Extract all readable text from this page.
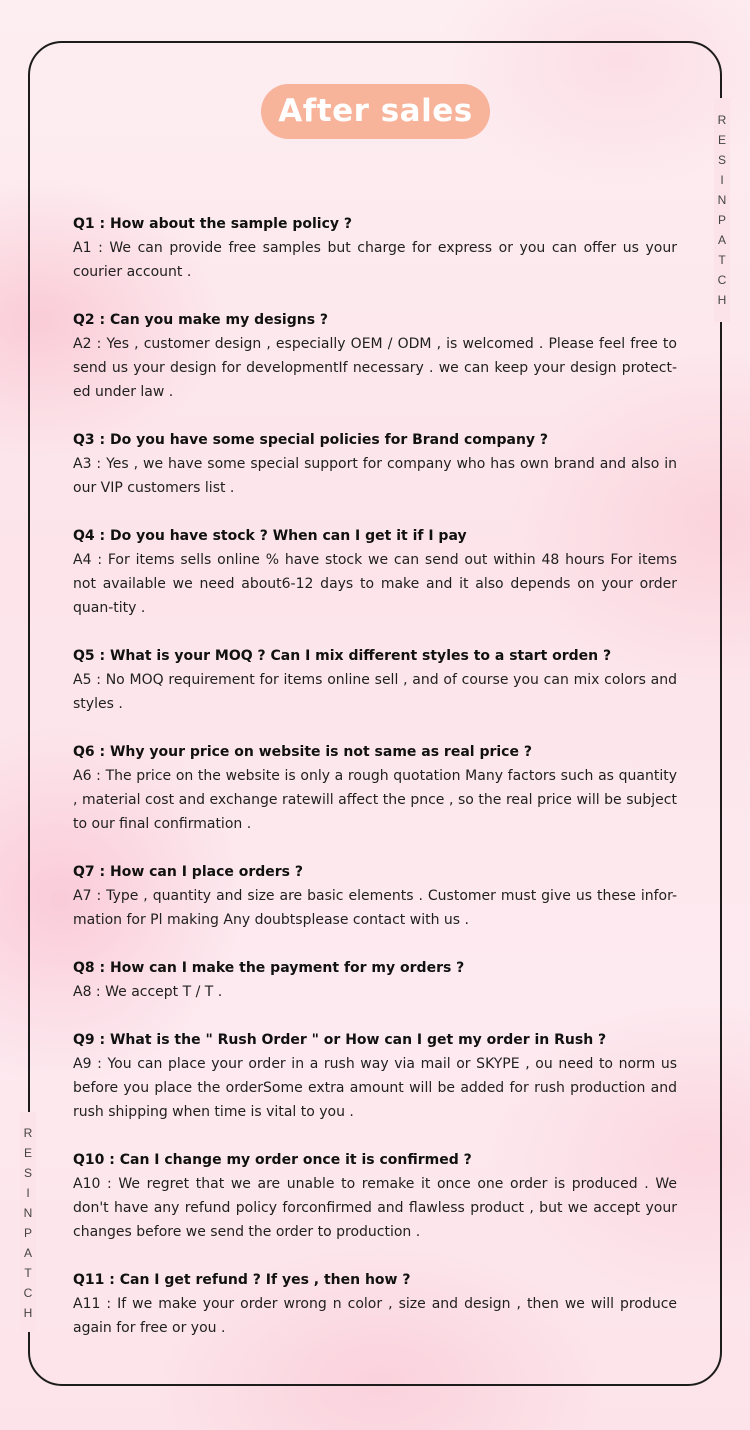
R
E
S
I
N
P
A
T
C
H
R
E
S
I
N
P
A
T
C
H
After sales
Q1 : How about the sample policy ?
A1 : We can provide free samples but charge for express or you can offer us your courier account .
Q2 : Can you make my designs ?
A2 : Yes , customer design , especially OEM / ODM , is welcomed . Please feel free to send us your design for developmentIf necessary . we can keep your design protect-ed under law .
Q3 : Do you have some special policies for Brand company ?
A3 : Yes , we have some special support for company who has own brand and also in our VIP customers list .
Q4 : Do you have stock ? When can I get it if I pay
A4 : For items sells online % have stock we can send out within 48 hours For items not available we need about6-12 days to make and it also depends on your order quan-tity .
Q5 : What is your MOQ ? Can I mix different styles to a start orden ?
A5 : No MOQ requirement for items online sell , and of course you can mix colors and styles .
Q6 : Why your price on website is not same as real price ?
A6 : The price on the website is only a rough quotation Many factors such as quantity , material cost and exchange ratewill affect the pnce , so the real price will be subject to our final confirmation .
Q7 : How can I place orders ?
A7 : Type , quantity and size are basic elements . Customer must give us these infor-mation for Pl making Any doubtsplease contact with us .
Q8 : How can I make the payment for my orders ?
A8 : We accept T / T .
Q9 : What is the " Rush Order " or How can I get my order in Rush ?
A9 : You can place your order in a rush way via mail or SKYPE , ou need to norm us before you place the orderSome extra amount will be added for rush production and rush shipping when time is vital to you .
Q10 : Can I change my order once it is confirmed ?
A10 : We regret that we are unable to remake it once one order is produced . We don't have any refund policy forconfirmed and flawless product , but we accept your changes before we send the order to production .
Q11 : Can I get refund ? If yes , then how ?
A11 : If we make your order wrong n color , size and design , then we will produce again for free or you .
